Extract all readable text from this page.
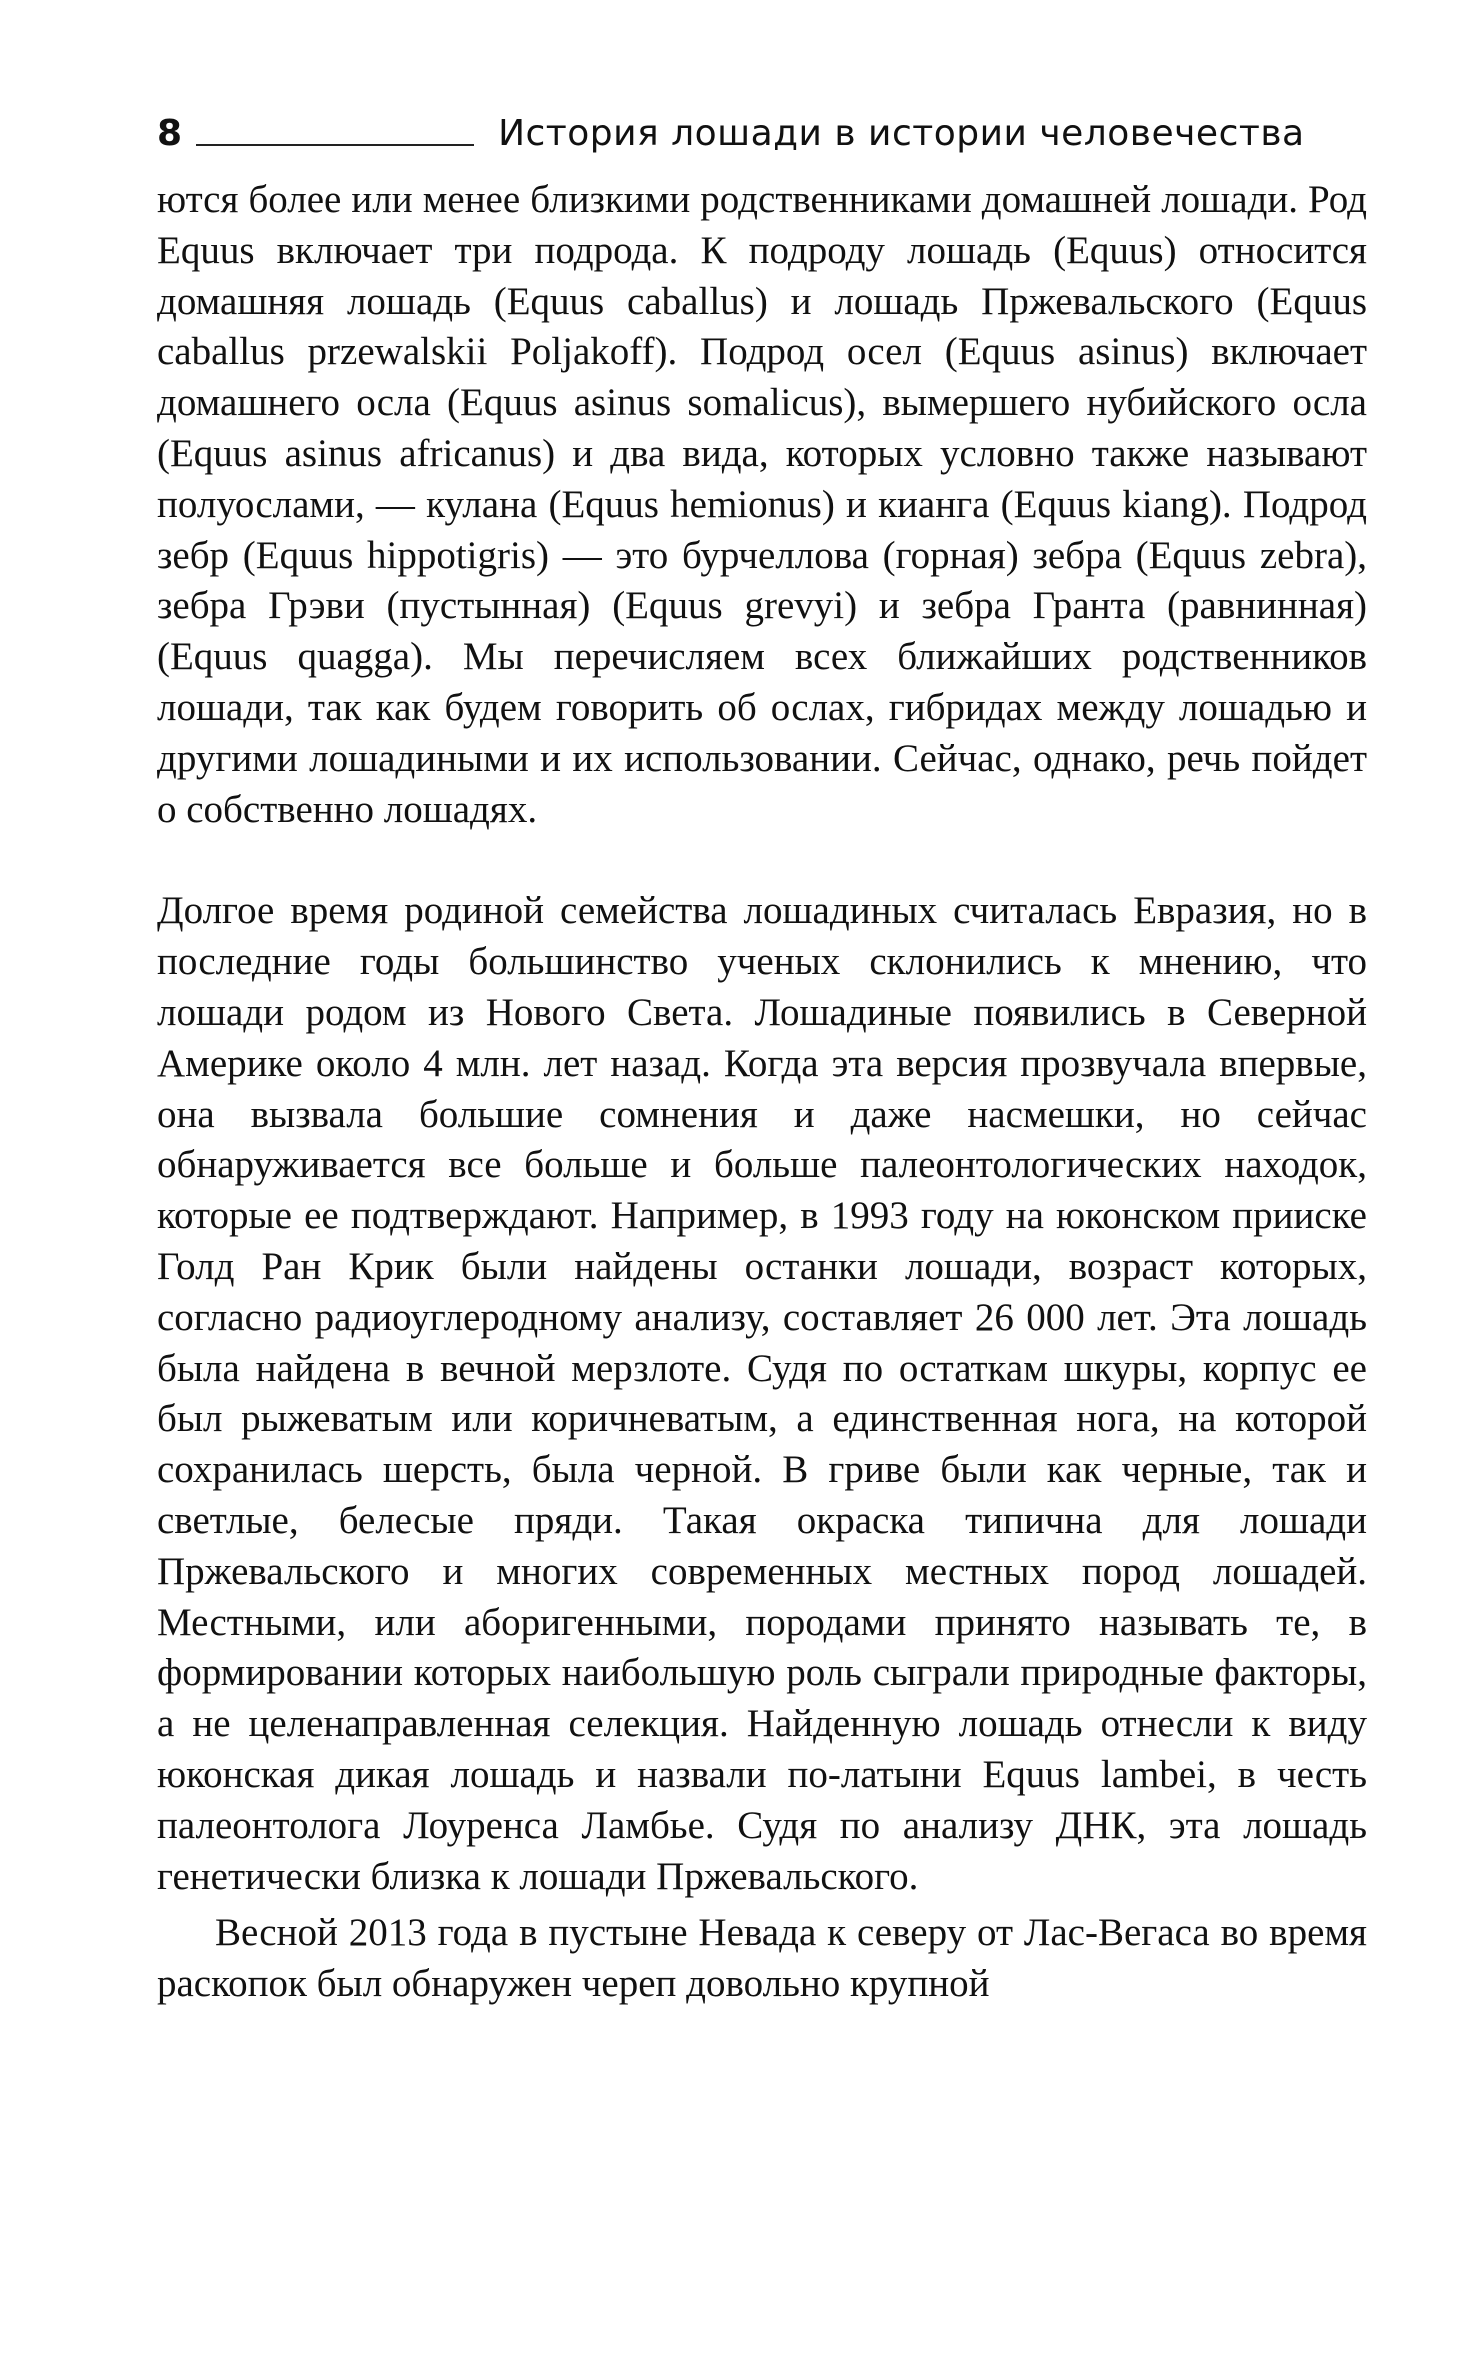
8	История лошади в истории человечества

ются более или менее близкими родственниками домашней лошади. Род Equus включает три подрода. К подроду лошадь (Equus) относится домашняя лошадь (Equus caballus) и лошадь Пржевальского (Equus caballus przewalskii Poljakoff). Подрод осел (Equus asinus) включает домашнего осла (Equus asinus somalicus), вымершего нубийского осла (Equus asinus africanus) и два вида, которых условно также называют полуослами, — кулана (Equus hemionus) и кианга (Equus kiang). Подрод зебр (Equus hippotigris) — это бурчеллова (горная) зебра (Equus zebra), зебра Грэви (пустынная) (Equus grevyi) и зебра Гранта (равнинная) (Equus quagga). Мы перечисляем всех ближайших родственников лошади, так как будем говорить об ослах, гибридах между лошадью и другими лошадиными и их использовании. Сейчас, однако, речь пойдет о собственно лошадях.

Долгое время родиной семейства лошадиных считалась Евразия, но в последние годы большинство ученых склонились к мнению, что лошади родом из Нового Света. Лошадиные появились в Северной Америке около 4 млн. лет назад. Когда эта версия прозвучала впервые, она вызвала большие сомнения и даже насмешки, но сейчас обнаруживается все больше и больше палеонтологических находок, которые ее подтверждают. Например, в 1993 году на юконском прииске Голд Ран Крик были найдены останки лошади, возраст которых, согласно радиоуглеродному анализу, составляет 26 000 лет. Эта лошадь была найдена в вечной мерзлоте. Судя по остаткам шкуры, корпус ее был рыжеватым или коричневатым, а единственная нога, на которой сохранилась шерсть, была черной. В гриве были как черные, так и светлые, белесые пряди. Такая окраска типична для лошади Пржевальского и многих современных местных пород лошадей. Местными, или аборигенными, породами принято называть те, в формировании которых наибольшую роль сыграли природные факторы, а не целенаправленная селекция. Найденную лошадь отнесли к виду юконская дикая лошадь и назвали по-латыни Equus lambei, в честь палеонтолога Лоуренса Ламбье. Судя по анализу ДНК, эта лошадь генетически близка к лошади Пржевальского.

Весной 2013 года в пустыне Невада к северу от Лас-Вегаса во время раскопок был обнаружен череп довольно крупной
